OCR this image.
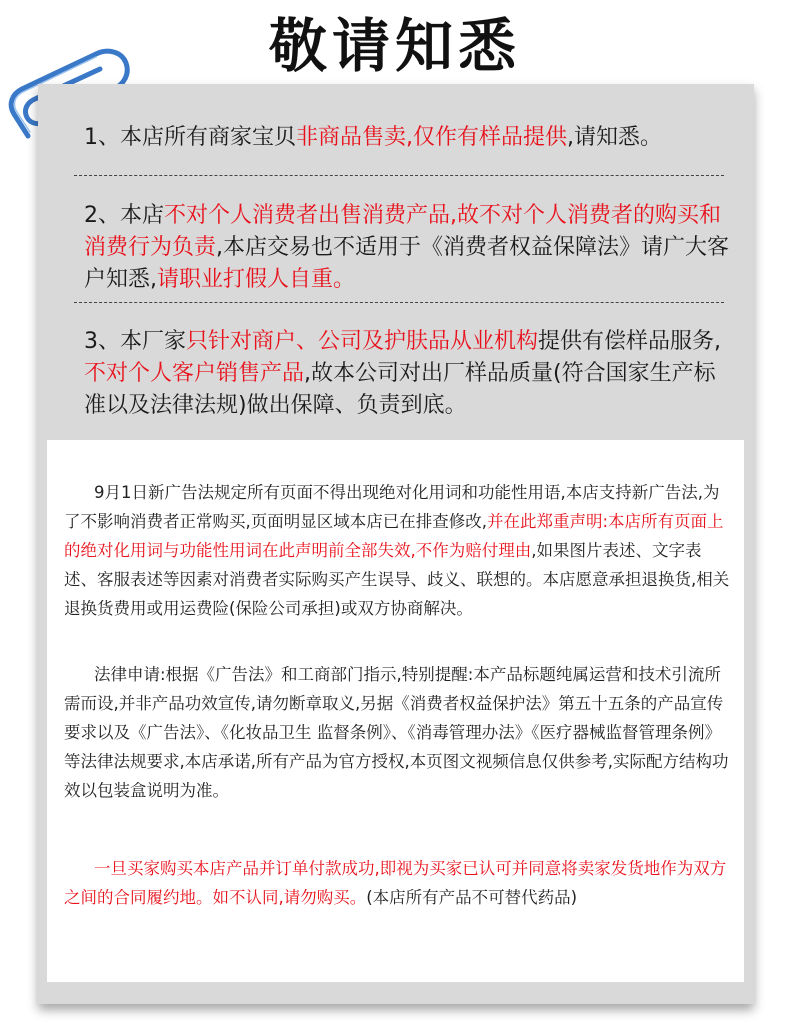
敬请知悉
1、本店所有商家宝贝非商品售卖,仅作有样品提供,请知悉。
2、本店不对个人消费者出售消费产品,故不对个人消费者的购买和消费行为负责,本店交易也不适用于《消费者权益保障法》请广大客户知悉,请职业打假人自重。
3、本厂家只针对商户、公司及护肤品从业机构提供有偿样品服务,不对个人客户销售产品,故本公司对出厂样品质量(符合国家生产标准以及法律法规)做出保障、负责到底。
9月1日新广告法规定所有页面不得出现绝对化用词和功能性用语,本店支持新广告法,为了不影响消费者正常购买,页面明显区域本店已在排查修改,并在此郑重声明:本店所有页面上的绝对化用词与功能性用词在此声明前全部失效,不作为赔付理由,如果图片表述、文字表述、客服表述等因素对消费者实际购买产生误导、歧义、联想的。本店愿意承担退换货,相关退换货费用或用运费险(保险公司承担)或双方协商解决。
法律申请:根据《广告法》和工商部门指示,特别提醒:本产品标题纯属运营和技术引流所需而设,并非产品功效宣传,请勿断章取义,另据《消费者权益保护法》第五十五条的产品宣传要求以及《广告法》、《化妆品卫生 监督条例》、《消毒管理办法》《医疗器械监督管理条例》等法律法规要求,本店承诺,所有产品为官方授权,本页图文视频信息仅供参考,实际配方结构功效以包装盒说明为准。
一旦买家购买本店产品并订单付款成功,即视为买家已认可并同意将卖家发货地作为双方之间的合同履约地。如不认同,请勿购买。(本店所有产品不可替代药品)
